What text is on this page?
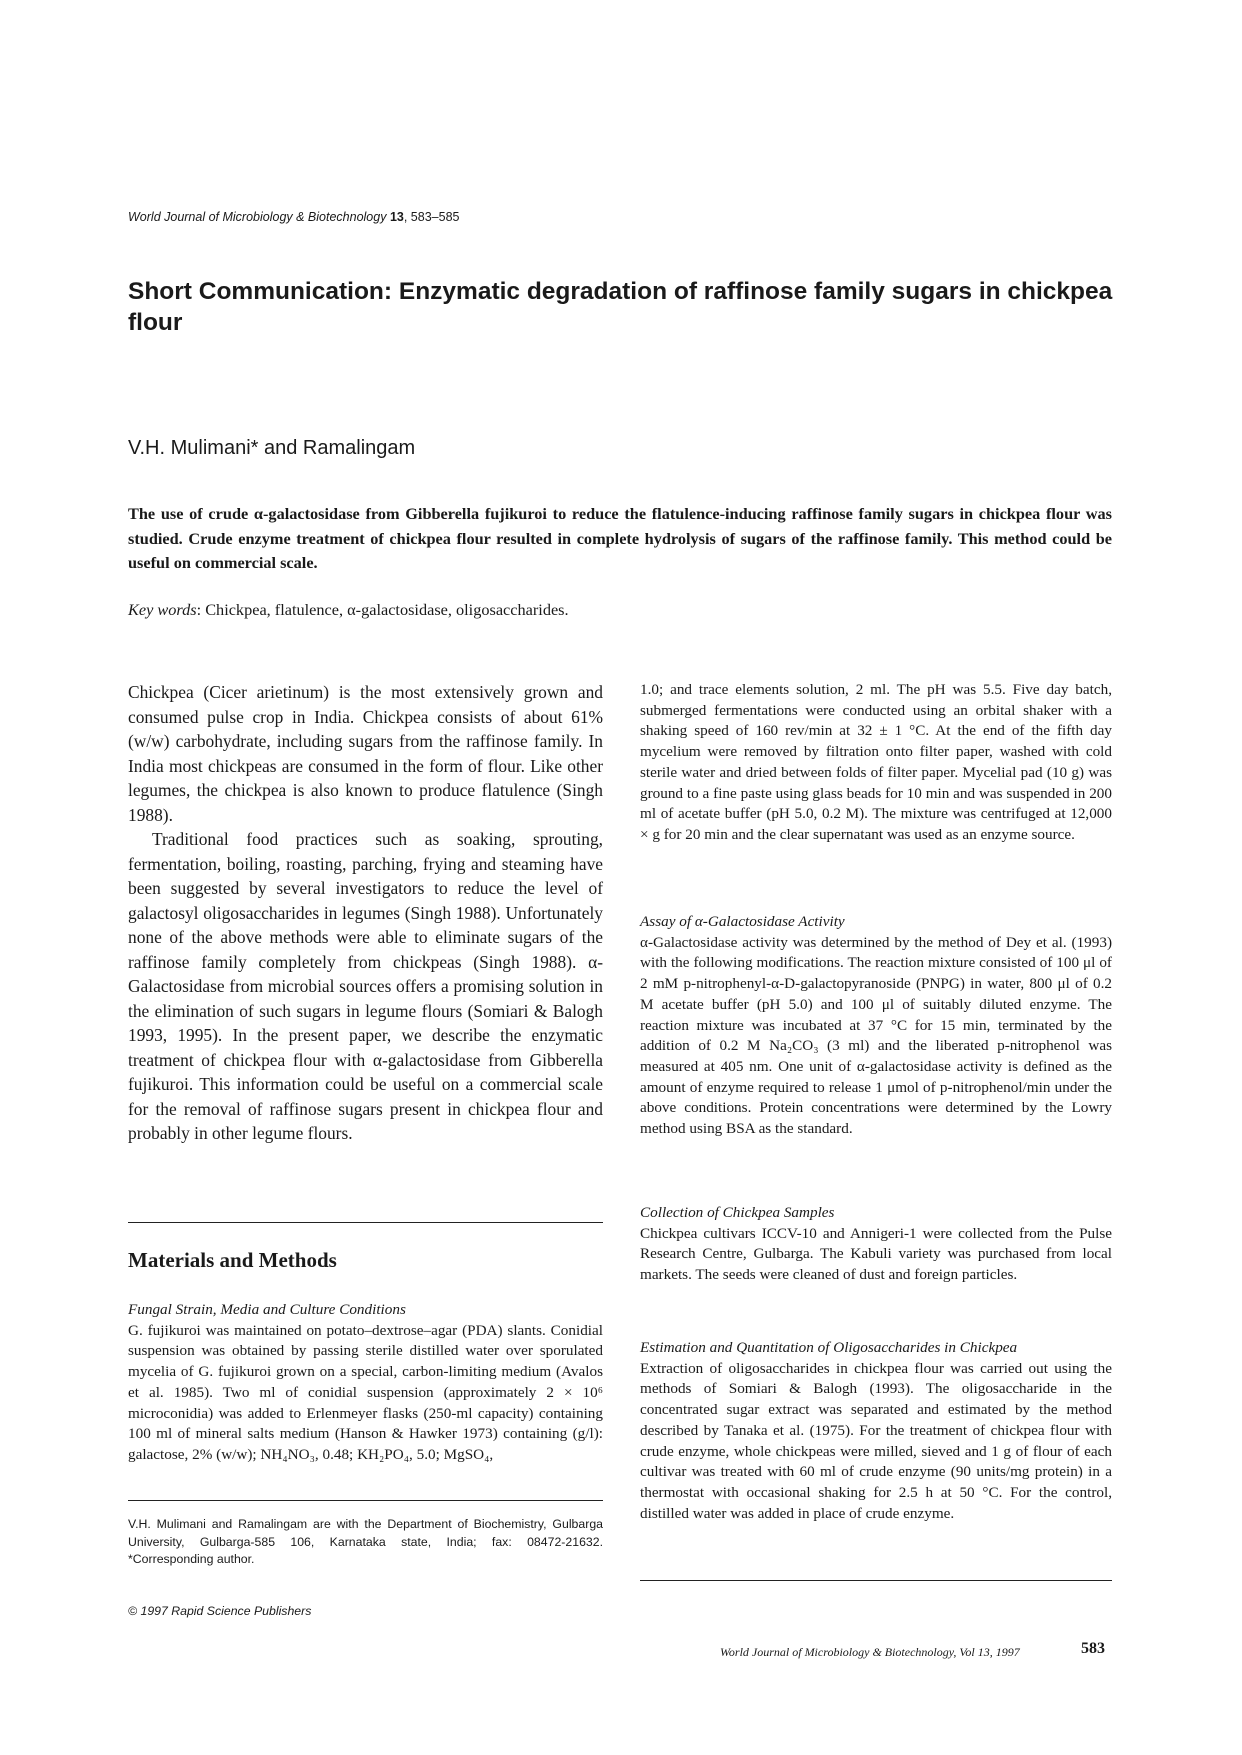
World Journal of Microbiology & Biotechnology 13, 583–585
Short Communication: Enzymatic degradation of raffinose family sugars in chickpea flour
V.H. Mulimani* and Ramalingam
The use of crude α-galactosidase from Gibberella fujikuroi to reduce the flatulence-inducing raffinose family sugars in chickpea flour was studied. Crude enzyme treatment of chickpea flour resulted in complete hydrolysis of sugars of the raffinose family. This method could be useful on commercial scale.
Key words: Chickpea, flatulence, α-galactosidase, oligosaccharides.

Chickpea (Cicer arietinum) is the most extensively grown and consumed pulse crop in India. Chickpea consists of about 61% (w/w) carbohydrate, including sugars from the raffinose family. In India most chickpeas are consumed in the form of flour. Like other legumes, the chickpea is also known to produce flatulence (Singh 1988).

Traditional food practices such as soaking, sprouting, fermentation, boiling, roasting, parching, frying and steaming have been suggested by several investigators to reduce the level of galactosyl oligosaccharides in legumes (Singh 1988). Unfortunately none of the above methods were able to eliminate sugars of the raffinose family completely from chickpeas (Singh 1988). α-Galactosidase from microbial sources offers a promising solution in the elimination of such sugars in legume flours (Somiari & Balogh 1993, 1995). In the present paper, we describe the enzymatic treatment of chickpea flour with α-galactosidase from Gibberella fujikuroi. This information could be useful on a commercial scale for the removal of raffinose sugars present in chickpea flour and probably in other legume flours.

Materials and Methods

Fungal Strain, Media and Culture Conditions

G. fujikuroi was maintained on potato–dextrose–agar (PDA) slants. Conidial suspension was obtained by passing sterile distilled water over sporulated mycelia of G. fujikuroi grown on a special, carbon-limiting medium (Avalos et al. 1985). Two ml of conidial suspension (approximately 2 × 10⁶ microconidia) was added to Erlenmeyer flasks (250-ml capacity) containing 100 ml of mineral salts medium (Hanson & Hawker 1973) containing (g/l): galactose, 2% (w/w); NH₄NO₃, 0.48; KH₂PO₄, 5.0; MgSO₄,

V.H. Mulimani and Ramalingam are with the Department of Biochemistry, Gulbarga University, Gulbarga-585 106, Karnataka state, India; fax: 08472-21632. *Corresponding author.
© 1997 Rapid Science Publishers

1.0; and trace elements solution, 2 ml. The pH was 5.5. Five day batch, submerged fermentations were conducted using an orbital shaker with a shaking speed of 160 rev/min at 32 ± 1 °C. At the end of the fifth day mycelium were removed by filtration onto filter paper, washed with cold sterile water and dried between folds of filter paper. Mycelial pad (10 g) was ground to a fine paste using glass beads for 10 min and was suspended in 200 ml of acetate buffer (pH 5.0, 0.2 M). The mixture was centrifuged at 12,000 × g for 20 min and the clear supernatant was used as an enzyme source.

Assay of α-Galactosidase Activity

α-Galactosidase activity was determined by the method of Dey et al. (1993) with the following modifications. The reaction mixture consisted of 100 μl of 2 mM p-nitrophenyl-α-D-galactopyranoside (PNPG) in water, 800 μl of 0.2 M acetate buffer (pH 5.0) and 100 μl of suitably diluted enzyme. The reaction mixture was incubated at 37 °C for 15 min, terminated by the addition of 0.2 M Na₂CO₃ (3 ml) and the liberated p-nitrophenol was measured at 405 nm. One unit of α-galactosidase activity is defined as the amount of enzyme required to release 1 μmol of p-nitrophenol/min under the above conditions. Protein concentrations were determined by the Lowry method using BSA as the standard.

Collection of Chickpea Samples

Chickpea cultivars ICCV-10 and Annigeri-1 were collected from the Pulse Research Centre, Gulbarga. The Kabuli variety was purchased from local markets. The seeds were cleaned of dust and foreign particles.

Estimation and Quantitation of Oligosaccharides in Chickpea

Extraction of oligosaccharides in chickpea flour was carried out using the methods of Somiari & Balogh (1993). The oligosaccharide in the concentrated sugar extract was separated and estimated by the method described by Tanaka et al. (1975). For the treatment of chickpea flour with crude enzyme, whole chickpeas were milled, sieved and 1 g of flour of each cultivar was treated with 60 ml of crude enzyme (90 units/mg protein) in a thermostat with occasional shaking for 2.5 h at 50 °C. For the control, distilled water was added in place of crude enzyme.

World Journal of Microbiology & Biotechnology, Vol 13, 1997	583
